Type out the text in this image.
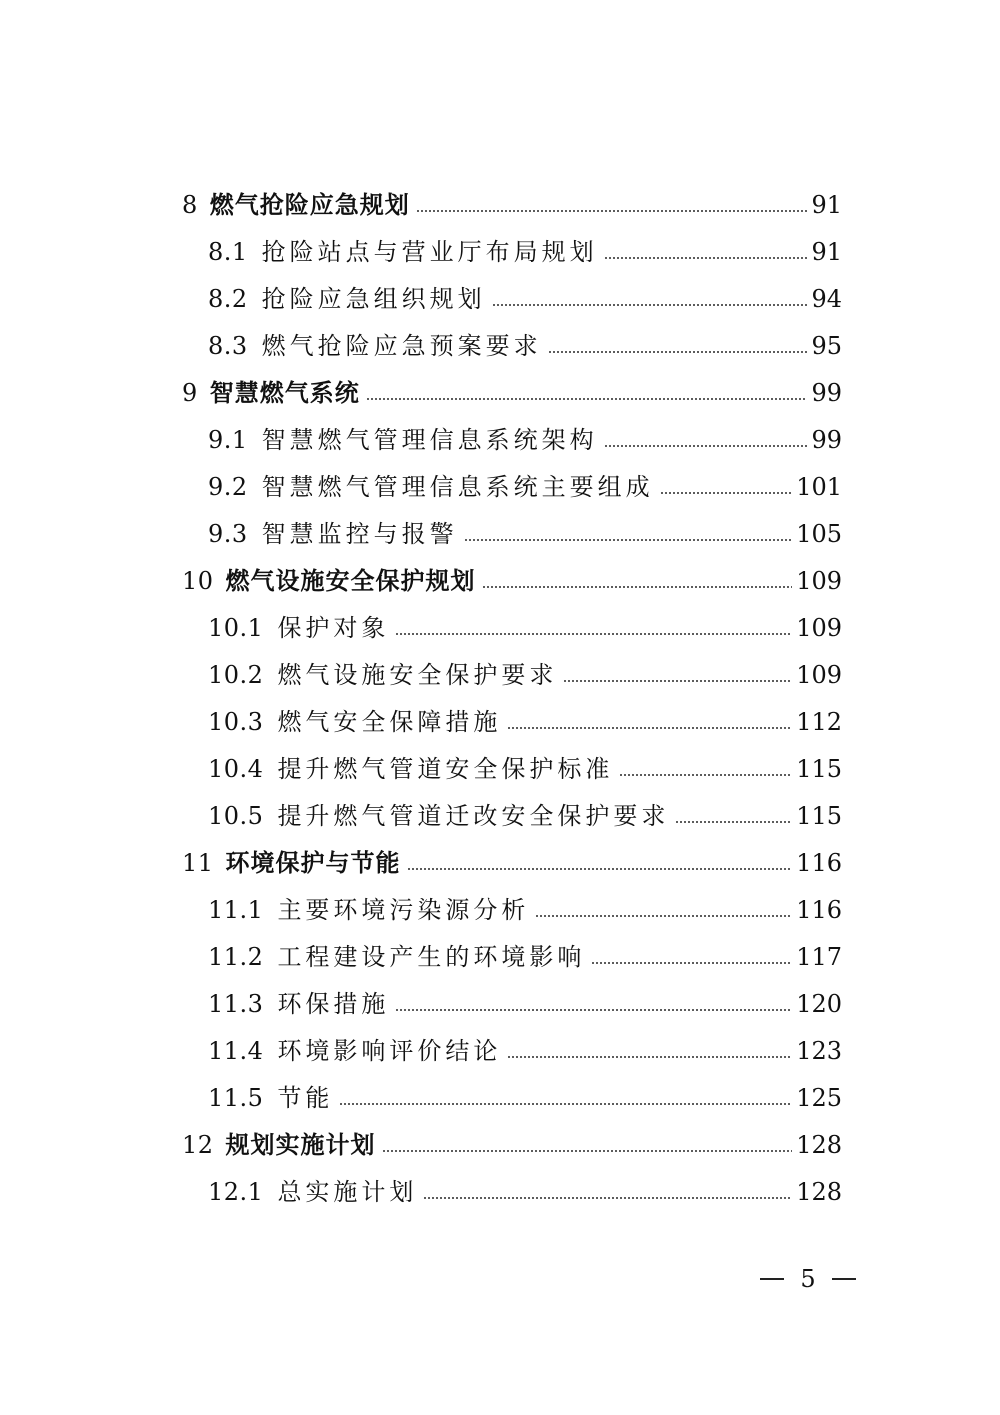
8 燃气抢险应急规划	91
8.1 抢险站点与营业厅布局规划	91
8.2 抢险应急组织规划	94
8.3 燃气抢险应急预案要求	95
9 智慧燃气系统	99
9.1 智慧燃气管理信息系统架构	99
9.2 智慧燃气管理信息系统主要组成	101
9.3 智慧监控与报警	105
10 燃气设施安全保护规划	109
10.1 保护对象	109
10.2 燃气设施安全保护要求	109
10.3 燃气安全保障措施	112
10.4 提升燃气管道安全保护标准	115
10.5 提升燃气管道迁改安全保护要求	115
11 环境保护与节能	116
11.1 主要环境污染源分析	116
11.2 工程建设产生的环境影响	117
11.3 环保措施	120
11.4 环境影响评价结论	123
11.5 节能	125
12 规划实施计划	128
12.1 总实施计划	128
5
